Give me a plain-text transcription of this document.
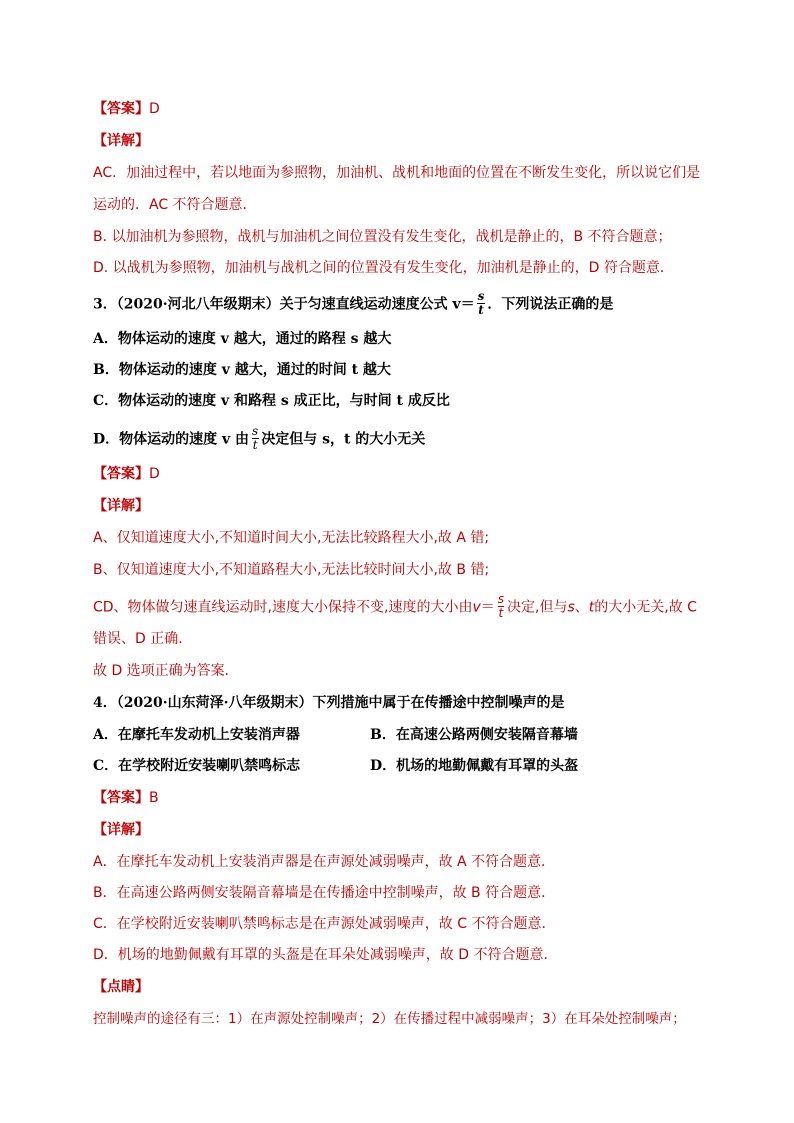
【答案】D
【详解】
AC．加油过程中，若以地面为参照物，加油机、战机和地面的位置在不断发生变化，所以说它们是
运动的．AC 不符合题意．
B. 以加油机为参照物，战机与加油机之间位置没有发生变化，战机是静止的，B 不符合题意；
D. 以战机为参照物，加油机与战机之间的位置没有发生变化，加油机是静止的，D 符合题意．
3．（2020·河北八年级期末）关于匀速直线运动速度公式 $v= \frac{s}{t}$ ．下列说法正确的是
A．物体运动的速度 v 越大，通过的路程 s 越大
B．物体运动的速度 v 越大，通过的时间 t 越大
C．物体运动的速度 v 和路程 s 成正比，与时间 t 成反比
D．物体运动的速度 v 由 $\frac{s}{t}$ 决定但与 s，t 的大小无关
【答案】D
【详解】
A、仅知道速度大小,不知道时间大小,无法比较路程大小,故 A 错;
B、仅知道速度大小,不知道路程大小,无法比较时间大小,故 B 错;
CD、物体做匀速直线运动时,速度大小保持不变,速度的大小由$v= \frac{s}{t}$ 决定,但与s、t的大小无关,故 C
错误、D 正确．
故 D 选项正确为答案．
4．（2020·山东菏泽·八年级期末）下列措施中属于在传播途中控制噪声的是
A．在摩托车发动机上安装消声器	B．在高速公路两侧安装隔音幕墙
C．在学校附近安装喇叭禁鸣标志	D．机场的地勤佩戴有耳罩的头盔
【答案】B
【详解】
A．在摩托车发动机上安装消声器是在声源处减弱噪声，故 A 不符合题意．
B．在高速公路两侧安装隔音幕墙是在传播途中控制噪声，故 B 符合题意．
C．在学校附近安装喇叭禁鸣标志是在声源处减弱噪声，故 C 不符合题意．
D．机场的地勤佩戴有耳罩的头盔是在耳朵处减弱噪声，故 D 不符合题意．
【点睛】
控制噪声的途径有三：1）在声源处控制噪声；2）在传播过程中减弱噪声；3）在耳朵处控制噪声；
